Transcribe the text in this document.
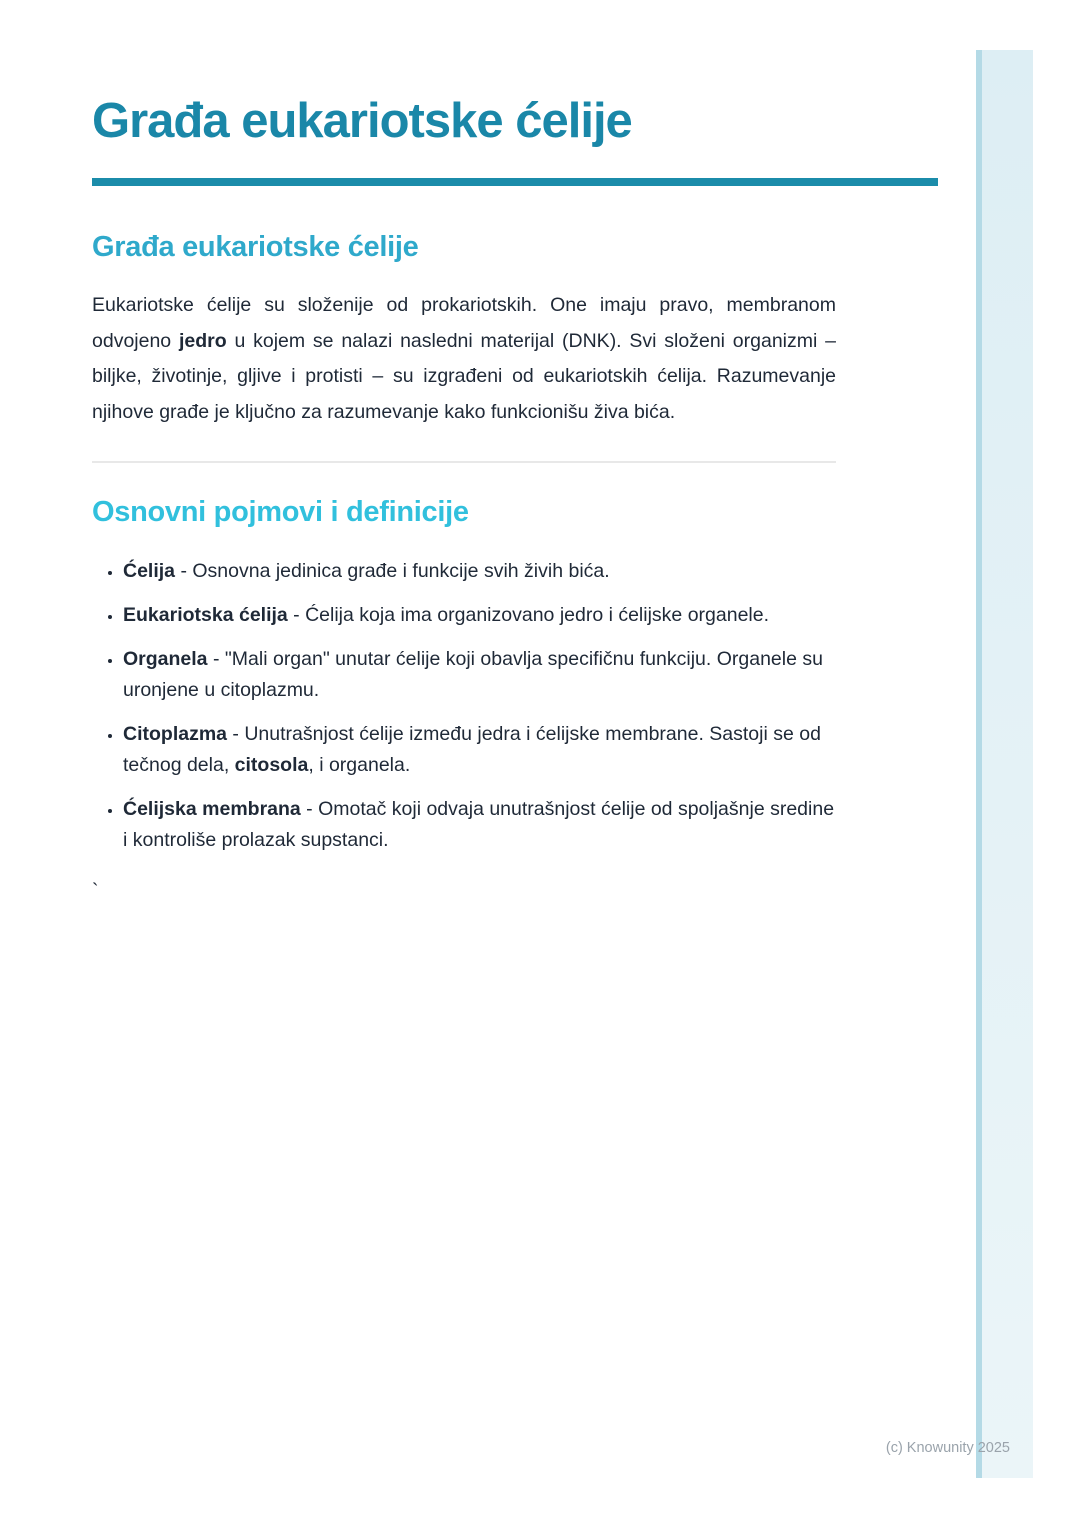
Građa eukariotske ćelije
Građa eukariotske ćelije

Eukariotske ćelije su složenije od prokariotskih. One imaju pravo, membranom odvojeno jedro u kojem se nalazi nasledni materijal (DNK). Svi složeni organizmi – biljke, životinje, gljive i protisti – su izgrađeni od eukariotskih ćelija. Razumevanje njihove građe je ključno za razumevanje kako funkcionišu živa bića.

Osnovni pojmovi i definicije
• Ćelija - Osnovna jedinica građe i funkcije svih živih bića.
• Eukariotska ćelija - Ćelija koja ima organizovano jedro i ćelijske organele.
• Organela - "Mali organ" unutar ćelije koji obavlja specifičnu funkciju. Organele su uronjene u citoplazmu.
• Citoplazma - Unutrašnjost ćelije između jedra i ćelijske membrane. Sastoji se od tečnog dela, citosola, i organela.
• Ćelijska membrana - Omotač koji odvaja unutrašnjost ćelije od spoljašnje sredine i kontroliše prolazak supstanci.
`
(c) Knowunity 2025
